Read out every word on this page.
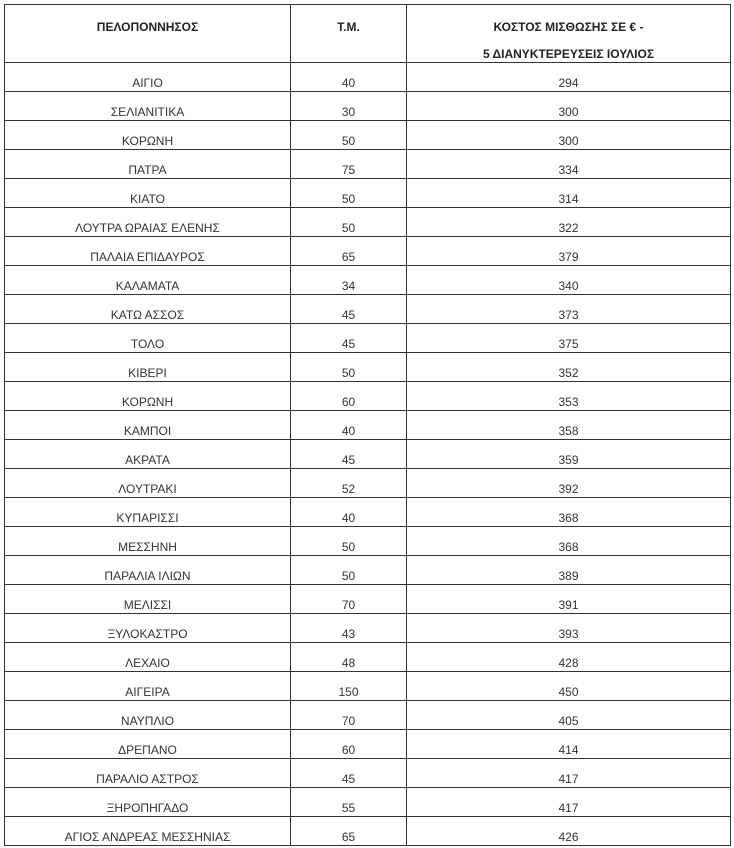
ΠΕΛΟΠΟΝΝΗΣΟΣ	Τ.Μ.	ΚΟΣΤΟΣ ΜΙΣΘΩΣΗΣ ΣΕ € -
5 ΔΙΑΝΥΚΤΕΡΕΥΣΕΙΣ ΙΟΥΛΙΟΣ

ΑΙΓΙΟ	40	294
ΣΕΛΙΑΝΙΤΙΚΑ	30	300
ΚΟΡΩΝΗ	50	300
ΠΑΤΡΑ	75	334
ΚΙΑΤΟ	50	314
ΛΟΥΤΡΑ ΩΡΑΙΑΣ ΕΛΕΝΗΣ	50	322
ΠΑΛΑΙΑ ΕΠΙΔΑΥΡΟΣ	65	379
ΚΑΛΑΜΑΤΑ	34	340
ΚΑΤΩ ΑΣΣΟΣ	45	373
ΤΟΛΟ	45	375
ΚΙΒΕΡΙ	50	352
ΚΟΡΩΝΗ	60	353
ΚΑΜΠΟΙ	40	358
ΑΚΡΑΤΑ	45	359
ΛΟΥΤΡΑΚΙ	52	392
ΚΥΠΑΡΙΣΣΙ	40	368
ΜΕΣΣΗΝΗ	50	368
ΠΑΡΑΛΙΑ ΙΛΙΩΝ	50	389
ΜΕΛΙΣΣΙ	70	391
ΞΥΛΟΚΑΣΤΡΟ	43	393
ΛΕΧΑΙΟ	48	428
ΑΙΓΕΙΡΑ	150	450
ΝΑΥΠΛΙΟ	70	405
ΔΡΕΠΑΝΟ	60	414
ΠΑΡΑΛΙΟ ΑΣΤΡΟΣ	45	417
ΞΗΡΟΠΗΓΑΔΟ	55	417
ΑΓΙΟΣ ΑΝΔΡΕΑΣ ΜΕΣΣΗΝΙΑΣ	65	426
